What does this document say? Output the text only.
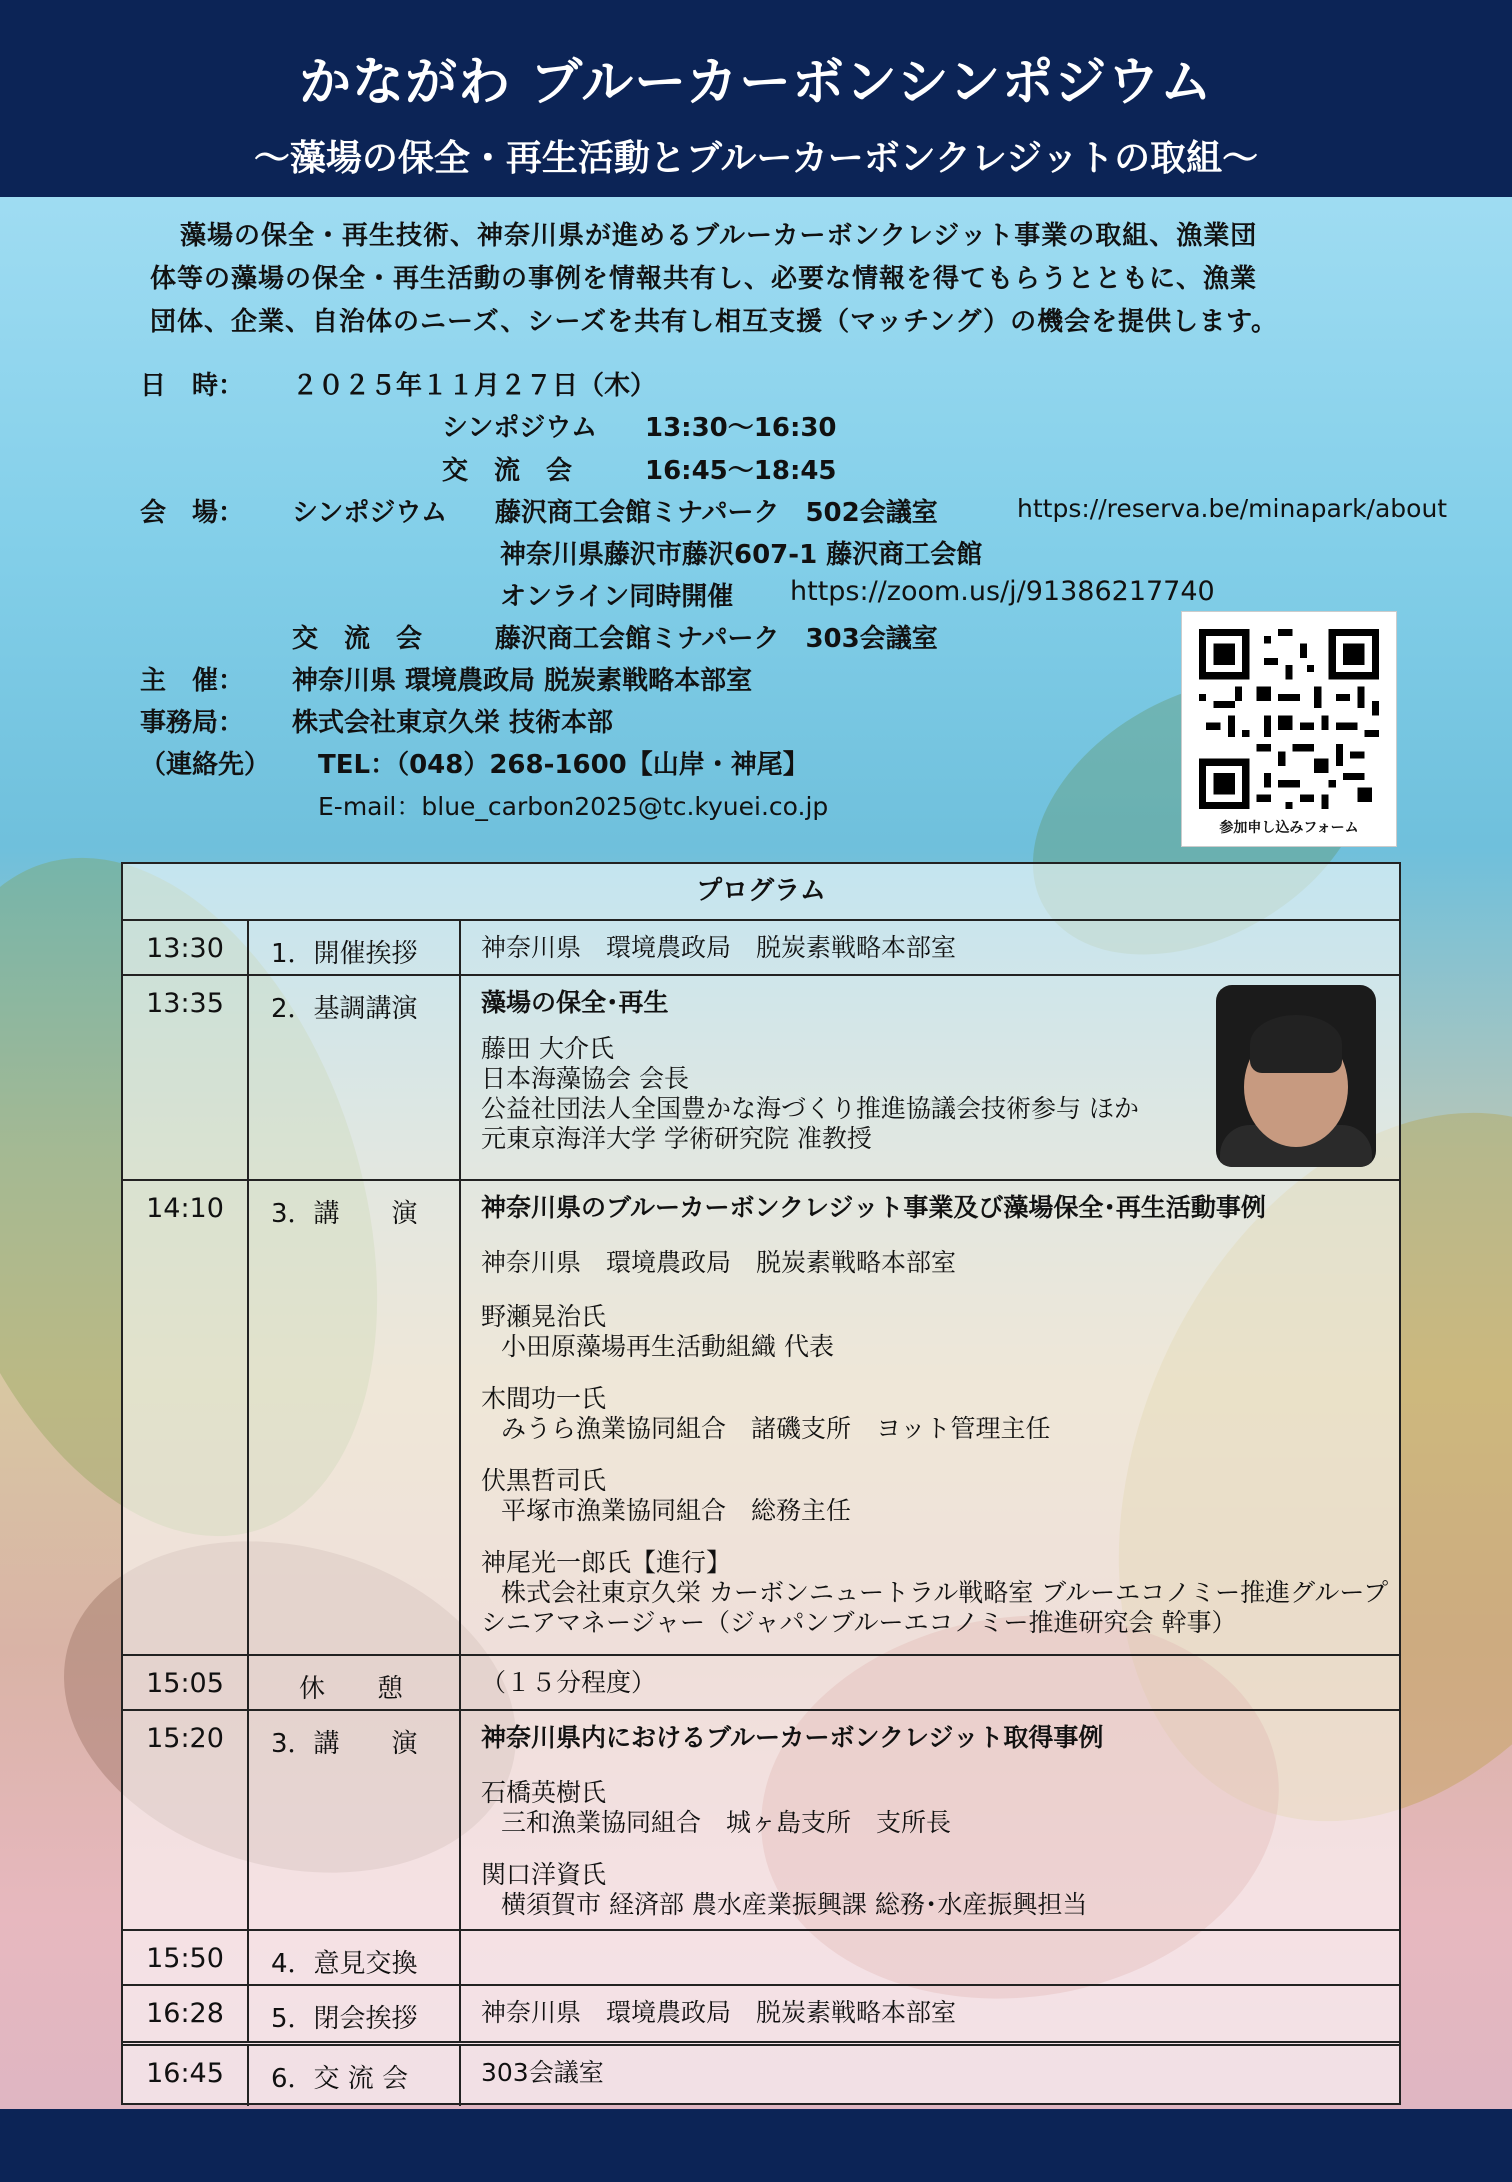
かながわ ブルーカーボンシンポジウム
～藻場の保全・再生活動とブルーカーボンクレジットの取組～
藻場の保全・再生技術、神奈川県が進めるブルーカーボンクレジット事業の取組、漁業団
体等の藻場の保全・再生活動の事例を情報共有し、必要な情報を得てもらうとともに、漁業
団体、企業、自治体のニーズ、シーズを共有し相互支援（マッチング）の機会を提供します。
日　時： ２０２５年１１月２７日（木）
シンポジウム 13:30～16:30
交　流　会	16:45～18:45
会　場： シンポジウム 藤沢商工会館ミナパーク　502会議室	https://reserva.be/minapark/about
神奈川県藤沢市藤沢607-1 藤沢商工会館
オンライン同時開催 https://zoom.us/j/91386217740
交　流　会	藤沢商工会館ミナパーク　303会議室
主　催： 神奈川県 環境農政局 脱炭素戦略本部室
事務局： 株式会社東京久栄 技術本部
（連絡先） TEL：（048）268-1600【山岸・神尾】
E-mail：blue_carbon2025@tc.kyuei.co.jp
参加申し込みフォーム
プログラム
13:30	1．開催挨拶	神奈川県　環境農政局　脱炭素戦略本部室
13:35	2．基調講演	藻場の保全･再生
藤田 大介氏
日本海藻協会 会長
公益社団法人全国豊かな海づくり推進協議会技術参与 ほか
元東京海洋大学 学術研究院 准教授
14:10	3．講　　演	神奈川県のブルーカーボンクレジット事業及び藻場保全･再生活動事例
神奈川県　環境農政局　脱炭素戦略本部室
野瀬晃治氏
小田原藻場再生活動組織 代表
木間功一氏
みうら漁業協同組合　諸磯支所　ヨット管理主任
伏黒哲司氏
平塚市漁業協同組合　総務主任
神尾光一郎氏【進行】
株式会社東京久栄 カーボンニュートラル戦略室 ブルーエコノミー推進グループ
シニアマネージャー（ジャパンブルーエコノミー推進研究会 幹事）
15:05	休　　憩	（１５分程度）
15:20	3．講　　演	神奈川県内におけるブルーカーボンクレジット取得事例
石橋英樹氏
三和漁業協同組合　城ヶ島支所　支所長
関口洋資氏
横須賀市 経済部 農水産業振興課 総務･水産振興担当
15:50	4．意見交換
16:28	5．閉会挨拶	神奈川県　環境農政局　脱炭素戦略本部室
16:45	6．交 流 会	303会議室
